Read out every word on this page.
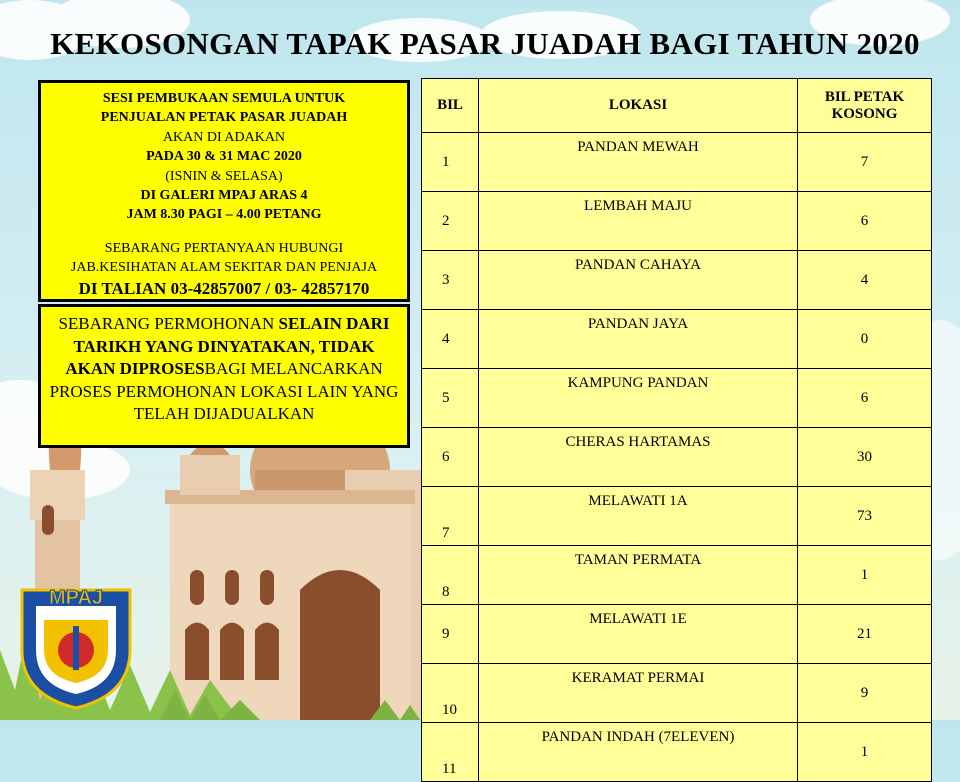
MPAJ
KEKOSONGAN TAPAK PASAR JUADAH BAGI TAHUN 2020
SESI PEMBUKAAN SEMULA UNTUK
PENJUALAN PETAK PASAR JUADAH
AKAN DI ADAKAN
PADA 30 & 31 MAC 2020
(ISNIN & SELASA)
DI GALERI MPAJ ARAS 4
JAM 8.30 PAGI – 4.00 PETANG
SEBARANG PERTANYAAN HUBUNGI
JAB.KESIHATAN ALAM SEKITAR DAN PENJAJA
DI TALIAN 03-42857007 / 03- 42857170
SEBARANG PERMOHONAN SELAIN DARI TARIKH YANG DINYATAKAN, TIDAK AKAN DIPROSESBAGI MELANCARKAN PROSES PERMOHONAN LOKASI LAIN YANG TELAH DIJADUALKAN
BIL	LOKASI	BIL PETAK KOSONG
1	PANDAN MEWAH	7
2	LEMBAH MAJU	6
3	PANDAN CAHAYA	4
4	PANDAN JAYA	0
5	KAMPUNG PANDAN	6
6	CHERAS HARTAMAS	30
7	MELAWATI 1A	73
8	TAMAN PERMATA	1
9	MELAWATI 1E	21
10	KERAMAT PERMAI	9
11	PANDAN INDAH (7ELEVEN)	1
